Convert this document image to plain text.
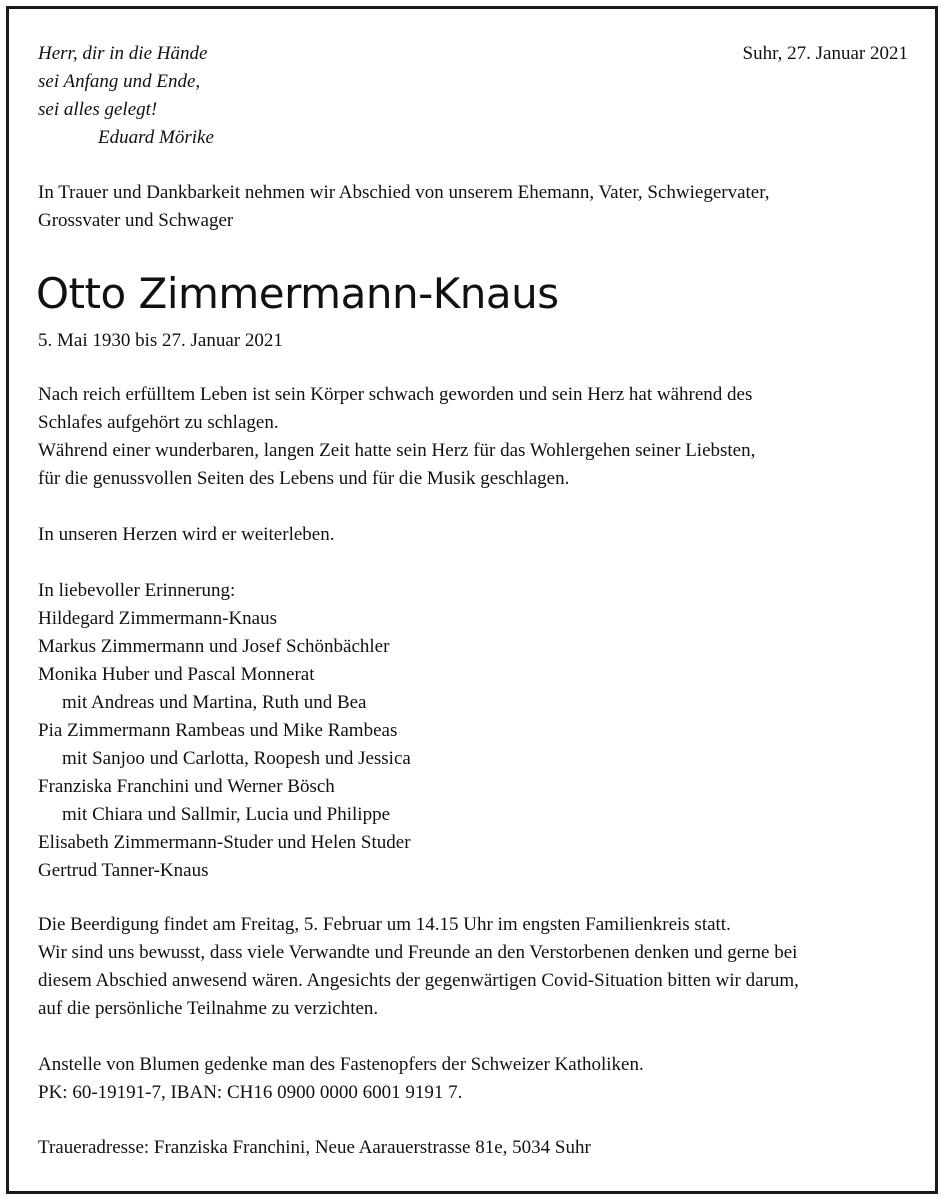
Herr, dir in die Hände
sei Anfang und Ende,
sei alles gelegt!
Eduard Mörike
Suhr, 27. Januar 2021
In Trauer und Dankbarkeit nehmen wir Abschied von unserem Ehemann, Vater, Schwiegervater,
Grossvater und Schwager
Otto Zimmermann-Knaus
5. Mai 1930 bis 27. Januar 2021
Nach reich erfülltem Leben ist sein Körper schwach geworden und sein Herz hat während des
Schlafes aufgehört zu schlagen.
Während einer wunderbaren, langen Zeit hatte sein Herz für das Wohlergehen seiner Liebsten,
für die genussvollen Seiten des Lebens und für die Musik geschlagen.
In unseren Herzen wird er weiterleben.
In liebevoller Erinnerung:
Hildegard Zimmermann-Knaus
Markus Zimmermann und Josef Schönbächler
Monika Huber und Pascal Monnerat
mit Andreas und Martina, Ruth und Bea
Pia Zimmermann Rambeas und Mike Rambeas
mit Sanjoo und Carlotta, Roopesh und Jessica
Franziska Franchini und Werner Bösch
mit Chiara und Sallmir, Lucia und Philippe
Elisabeth Zimmermann-Studer und Helen Studer
Gertrud Tanner-Knaus
Die Beerdigung findet am Freitag, 5. Februar um 14.15 Uhr im engsten Familienkreis statt.
Wir sind uns bewusst, dass viele Verwandte und Freunde an den Verstorbenen denken und gerne bei
diesem Abschied anwesend wären. Angesichts der gegenwärtigen Covid-Situation bitten wir darum,
auf die persönliche Teilnahme zu verzichten.
Anstelle von Blumen gedenke man des Fastenopfers der Schweizer Katholiken.
PK: 60-19191-7, IBAN: CH16 0900 0000 6001 9191 7.
Traueradresse: Franziska Franchini, Neue Aarauerstrasse 81e, 5034 Suhr
